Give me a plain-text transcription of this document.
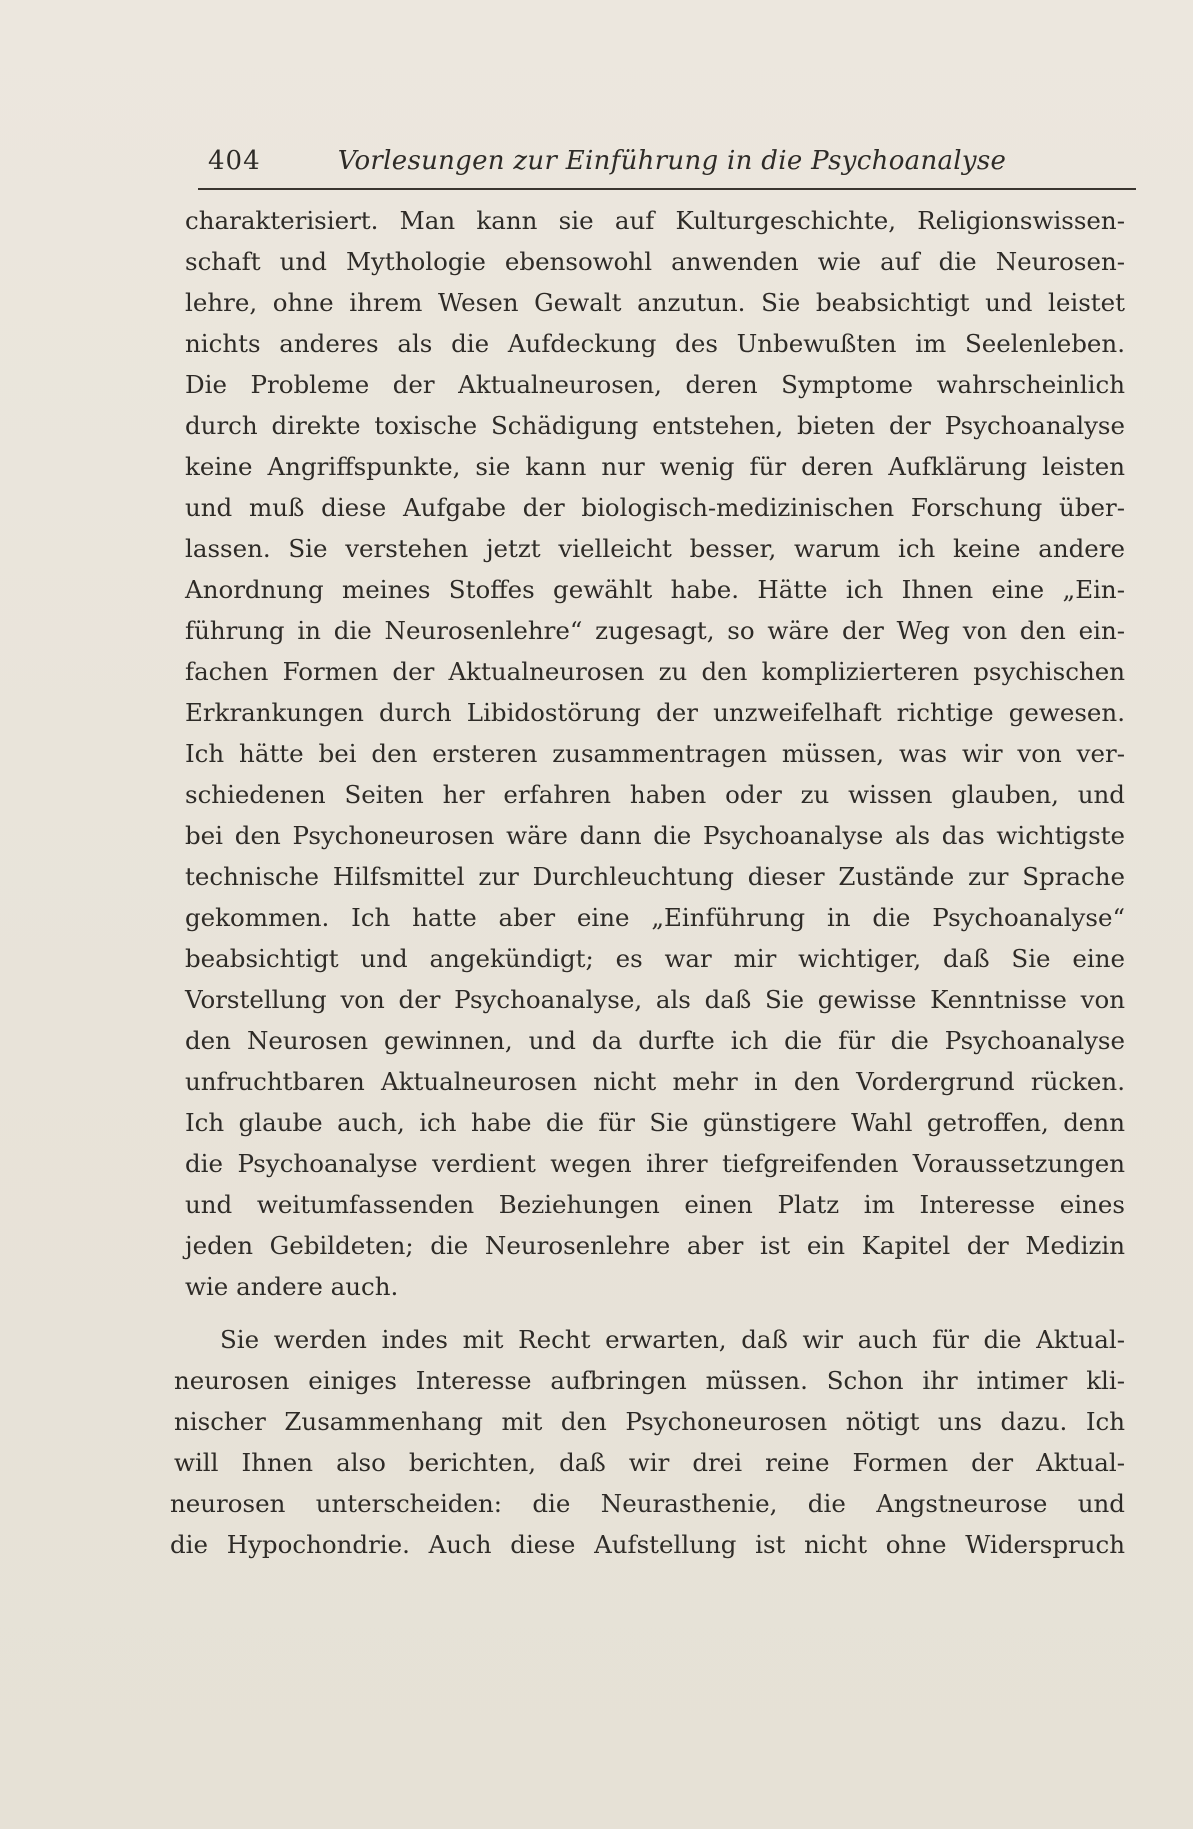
404	Vorlesungen zur Einführung in die Psychoanalyse

charakterisiert. Man kann sie auf Kulturgeschichte, Religionswissen-
schaft und Mythologie ebensowohl anwenden wie auf die Neurosen-
lehre, ohne ihrem Wesen Gewalt anzutun. Sie beabsichtigt und leistet
nichts anderes als die Aufdeckung des Unbewußten im Seelenleben.
Die Probleme der Aktualneurosen, deren Symptome wahrscheinlich
durch direkte toxische Schädigung entstehen, bieten der Psychoanalyse
keine Angriffspunkte, sie kann nur wenig für deren Aufklärung leisten
und muß diese Aufgabe der biologisch-medizinischen Forschung über-
lassen. Sie verstehen jetzt vielleicht besser, warum ich keine andere
Anordnung meines Stoffes gewählt habe. Hätte ich Ihnen eine „Ein-
führung in die Neurosenlehre“ zugesagt, so wäre der Weg von den ein-
fachen Formen der Aktualneurosen zu den komplizierteren psychischen
Erkrankungen durch Libidostörung der unzweifelhaft richtige gewesen.
Ich hätte bei den ersteren zusammentragen müssen, was wir von ver-
schiedenen Seiten her erfahren haben oder zu wissen glauben, und
bei den Psychoneurosen wäre dann die Psychoanalyse als das wichtigste
technische Hilfsmittel zur Durchleuchtung dieser Zustände zur Sprache
gekommen. Ich hatte aber eine „Einführung in die Psychoanalyse“
beabsichtigt und angekündigt; es war mir wichtiger, daß Sie eine
Vorstellung von der Psychoanalyse, als daß Sie gewisse Kenntnisse von
den Neurosen gewinnen, und da durfte ich die für die Psychoanalyse
unfruchtbaren Aktualneurosen nicht mehr in den Vordergrund rücken.
Ich glaube auch, ich habe die für Sie günstigere Wahl getroffen, denn
die Psychoanalyse verdient wegen ihrer tiefgreifenden Voraussetzungen
und weitumfassenden Beziehungen einen Platz im Interesse eines
jeden Gebildeten; die Neurosenlehre aber ist ein Kapitel der Medizin
wie andere auch.

Sie werden indes mit Recht erwarten, daß wir auch für die Aktual-
neurosen einiges Interesse aufbringen müssen. Schon ihr intimer kli-
nischer Zusammenhang mit den Psychoneurosen nötigt uns dazu. Ich
will Ihnen also berichten, daß wir drei reine Formen der Aktual-
neurosen unterscheiden: die Neurasthenie, die Angstneurose und
die Hypochondrie. Auch diese Aufstellung ist nicht ohne Widerspruch
